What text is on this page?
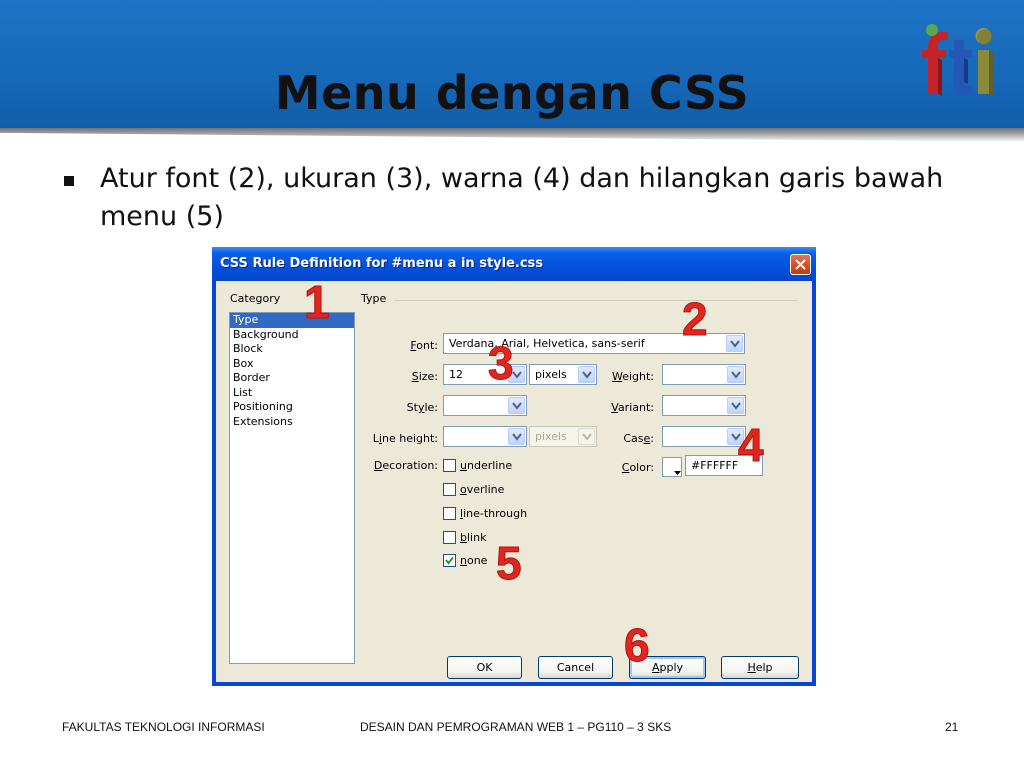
Menu dengan CSS
Atur font (2), ukuran (3), warna (4) dan hilangkan garis bawah menu (5)
CSS Rule Definition for #menu a in style.css
Category
Type
Background
Block
Box
Border
List
Positioning
Extensions
Type
Font: Verdana, Arial, Helvetica, sans-serif
Size: 12	pixels	Weight:
Style:	Variant:
Line height:	pixels	Case:
Decoration: underline
overline
line-through
blink
none
Color:	#FFFFFF
OK	Cancel	Apply	Help
1	2
3
4
5
6
FAKULTAS TEKNOLOGI INFORMASI	DESAIN DAN PEMROGRAMAN WEB 1 – PG110 – 3 SKS	21
